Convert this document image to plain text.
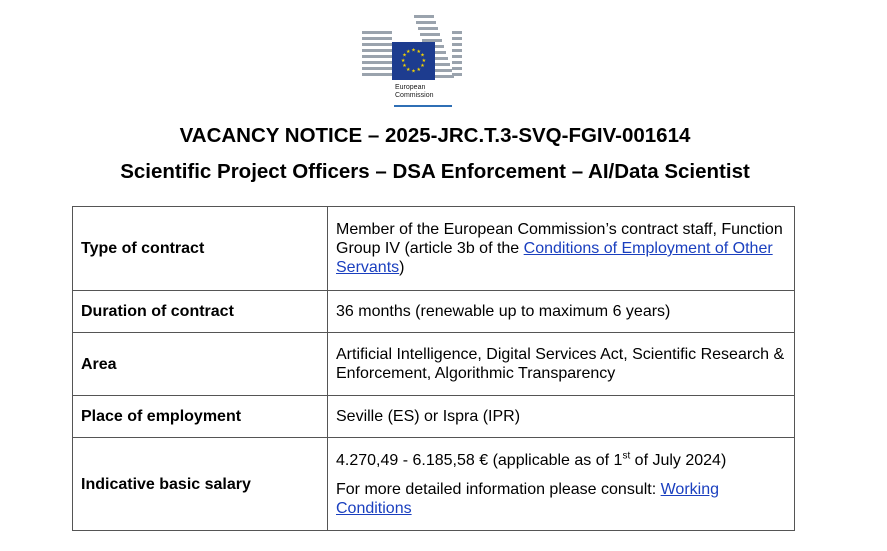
★ ★
★
★
★
★
★
★
★
★
★
★
European
Commission
VACANCY NOTICE – 2025-JRC.T.3-SVQ-FGIV-001614
Scientific Project Officers – DSA Enforcement – AI/Data Scientist
Type of contract	Member of the European Commission’s contract staff, Function Group IV (article 3b of the Conditions of Employment of Other Servants)
Duration of contract	36 months (renewable up to maximum 6 years)
Area	Artificial Intelligence, Digital Services Act, Scientific Research & Enforcement, Algorithmic Transparency
Place of employment	Seville (ES) or Ispra (IPR)
Indicative basic salary	4.270,49 - 6.185,58 € (applicable as of 1st of July 2024)
For more detailed information please consult: Working Conditions
